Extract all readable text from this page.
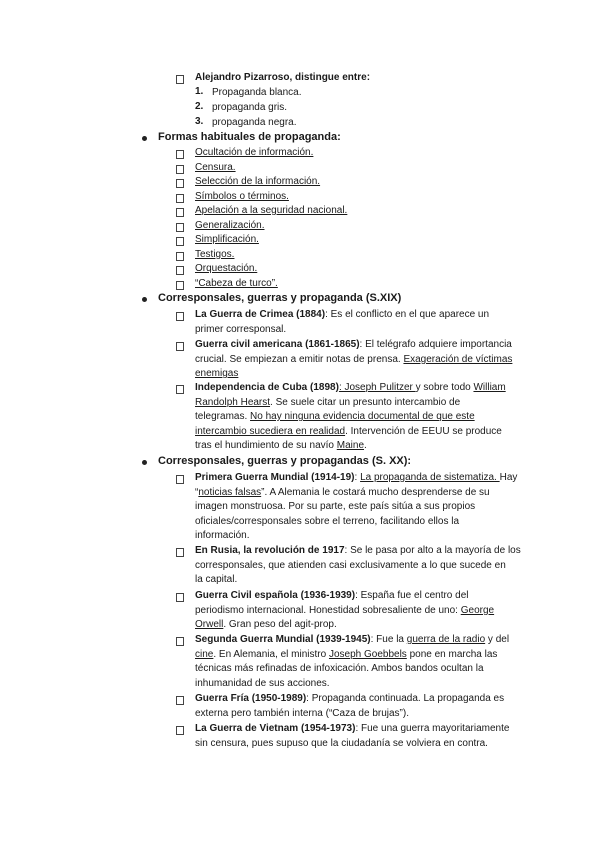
Alejandro Pizarroso, distingue entre:
1. Propaganda blanca.
2. propaganda gris.
3. propaganda negra.
Formas habituales de propaganda:
Ocultación de información.
Censura.
Selección de la información.
Símbolos o términos.
Apelación a la seguridad nacional.
Generalización.
Simplificación.
Testigos.
Orquestación.
“Cabeza de turco”.
Corresponsales, guerras y propaganda (S.XIX)
La Guerra de Crimea (1884): Es el conflicto en el que aparece un
primer corresponsal.
Guerra civil americana (1861-1865): El telégrafo adquiere importancia
crucial. Se empiezan a emitir notas de prensa. Exageración de víctimas
enemigas
Independencia de Cuba (1898): Joseph Pulitzer y sobre todo William
Randolph Hearst. Se suele citar un presunto intercambio de
telegramas. No hay ninguna evidencia documental de que este
intercambio sucediera en realidad. Intervención de EEUU se produce
tras el hundimiento de su navío Maine.
Corresponsales, guerras y propagandas (S. XX):
Primera Guerra Mundial (1914-19): La propaganda de sistematiza. Hay
“noticias falsas”. A Alemania le costará mucho desprenderse de su
imagen monstruosa. Por su parte, este país sitúa a sus propios
oficiales/corresponsales sobre el terreno, facilitando ellos la
información.
En Rusia, la revolución de 1917: Se le pasa por alto a la mayoría de los
corresponsales, que atienden casi exclusivamente a lo que sucede en
la capital.
Guerra Civil española (1936-1939): España fue el centro del
periodismo internacional. Honestidad sobresaliente de uno: George
Orwell. Gran peso del agit-prop.
Segunda Guerra Mundial (1939-1945): Fue la guerra de la radio y del
cine. En Alemania, el ministro Joseph Goebbels pone en marcha las
técnicas más refinadas de infoxicación. Ambos bandos ocultan la
inhumanidad de sus acciones.
Guerra Fría (1950-1989): Propaganda continuada. La propaganda es
externa pero también interna (“Caza de brujas”).
La Guerra de Vietnam (1954-1973): Fue una guerra mayoritariamente
sin censura, pues supuso que la ciudadanía se volviera en contra.
